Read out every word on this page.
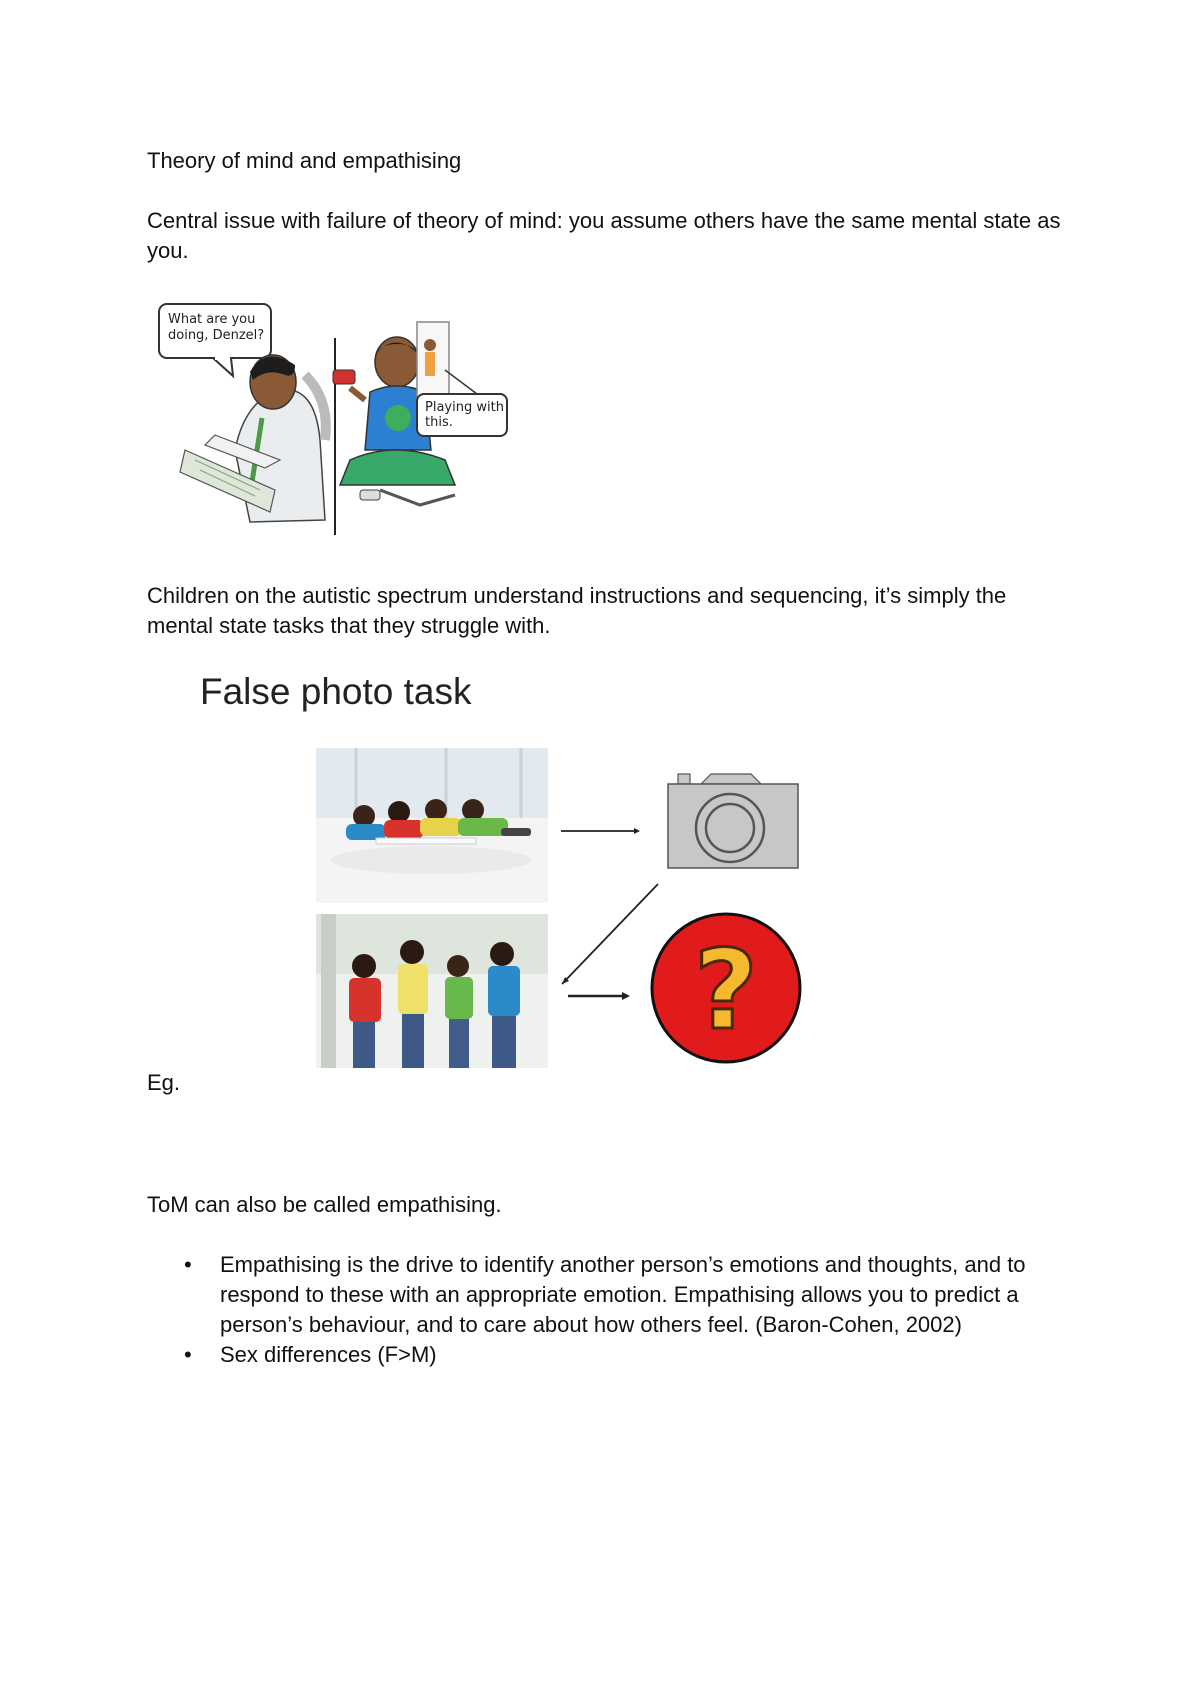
Theory of mind and empathising

Central issue with failure of theory of mind: you assume others have the same mental state as you.

What are you doing, Denzel?
Playing with this.

Children on the autistic spectrum understand instructions and sequencing, it’s simply the mental state tasks that they struggle with.

False photo task

?

Eg.

ToM can also be called empathising.

• Empathising is the drive to identify another person’s emotions and thoughts, and to respond to these with an appropriate emotion. Empathising allows you to predict a person’s behaviour, and to care about how others feel. (Baron-Cohen, 2002)
• Sex differences (F>M)
